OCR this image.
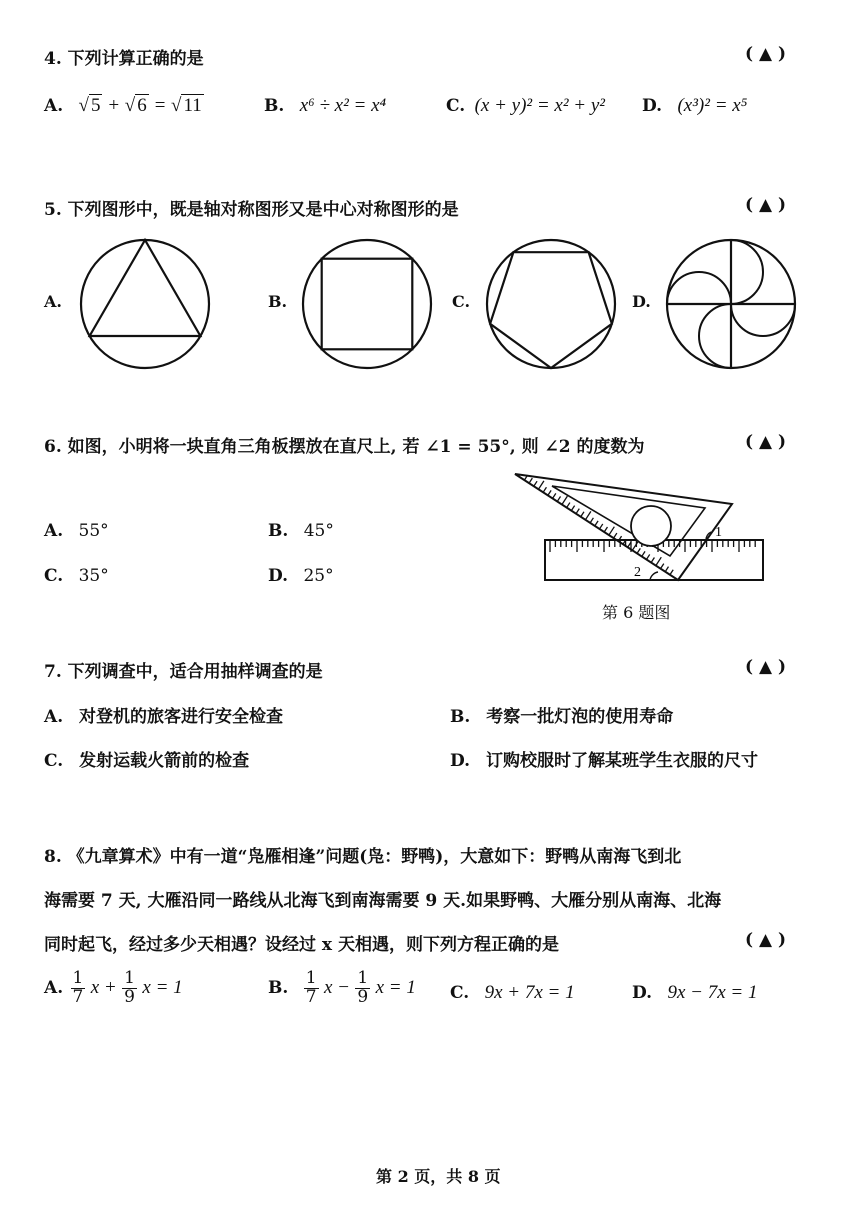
4. 下列计算正确的是	( ▲ )
A. √ 5 + √ 6 = √ 11	B. x⁶ ÷ x² = x⁴	C. (x + y)² = x² + y² D. (x³)² = x⁵
5. 下列图形中，既是轴对称图形又是中心对称图形的是	( ▲ )
A.	B.	C.	D.
6. 如图，小明将一块直角三角板摆放在直尺上, 若 ∠1 = 55°, 则 ∠2 的度数为	( ▲ )
A. 55°	B. 45°
C. 35°	D. 25°
1
2
第 6 题图
7. 下列调查中，适合用抽样调查的是	( ▲ )
A. 对登机的旅客进行安全检查	B. 考察一批灯泡的使用寿命
C. 发射运载火箭前的检查	D. 订购校服时了解某班学生衣服的尺寸
8. 《九章算术》中有一道“凫雁相逢”问题(凫：野鸭)，大意如下：野鸭从南海飞到北
海需要 7 天, 大雁沿同一路线从北海飞到南海需要 9 天.如果野鸭、大雁分别从南海、北海
同时起飞，经过多少天相遇？设经过 x 天相遇，则下列方程正确的是	( ▲ )
A. $\frac{1}{7}$ $x + \frac{1}{9}$ x = 1	B. $\frac{1}{7}$ $x - \frac{1}{9}$ x = 1 C. 9x + 7x = 1	D. 9x − 7x = 1
第 2 页，共 8 页
